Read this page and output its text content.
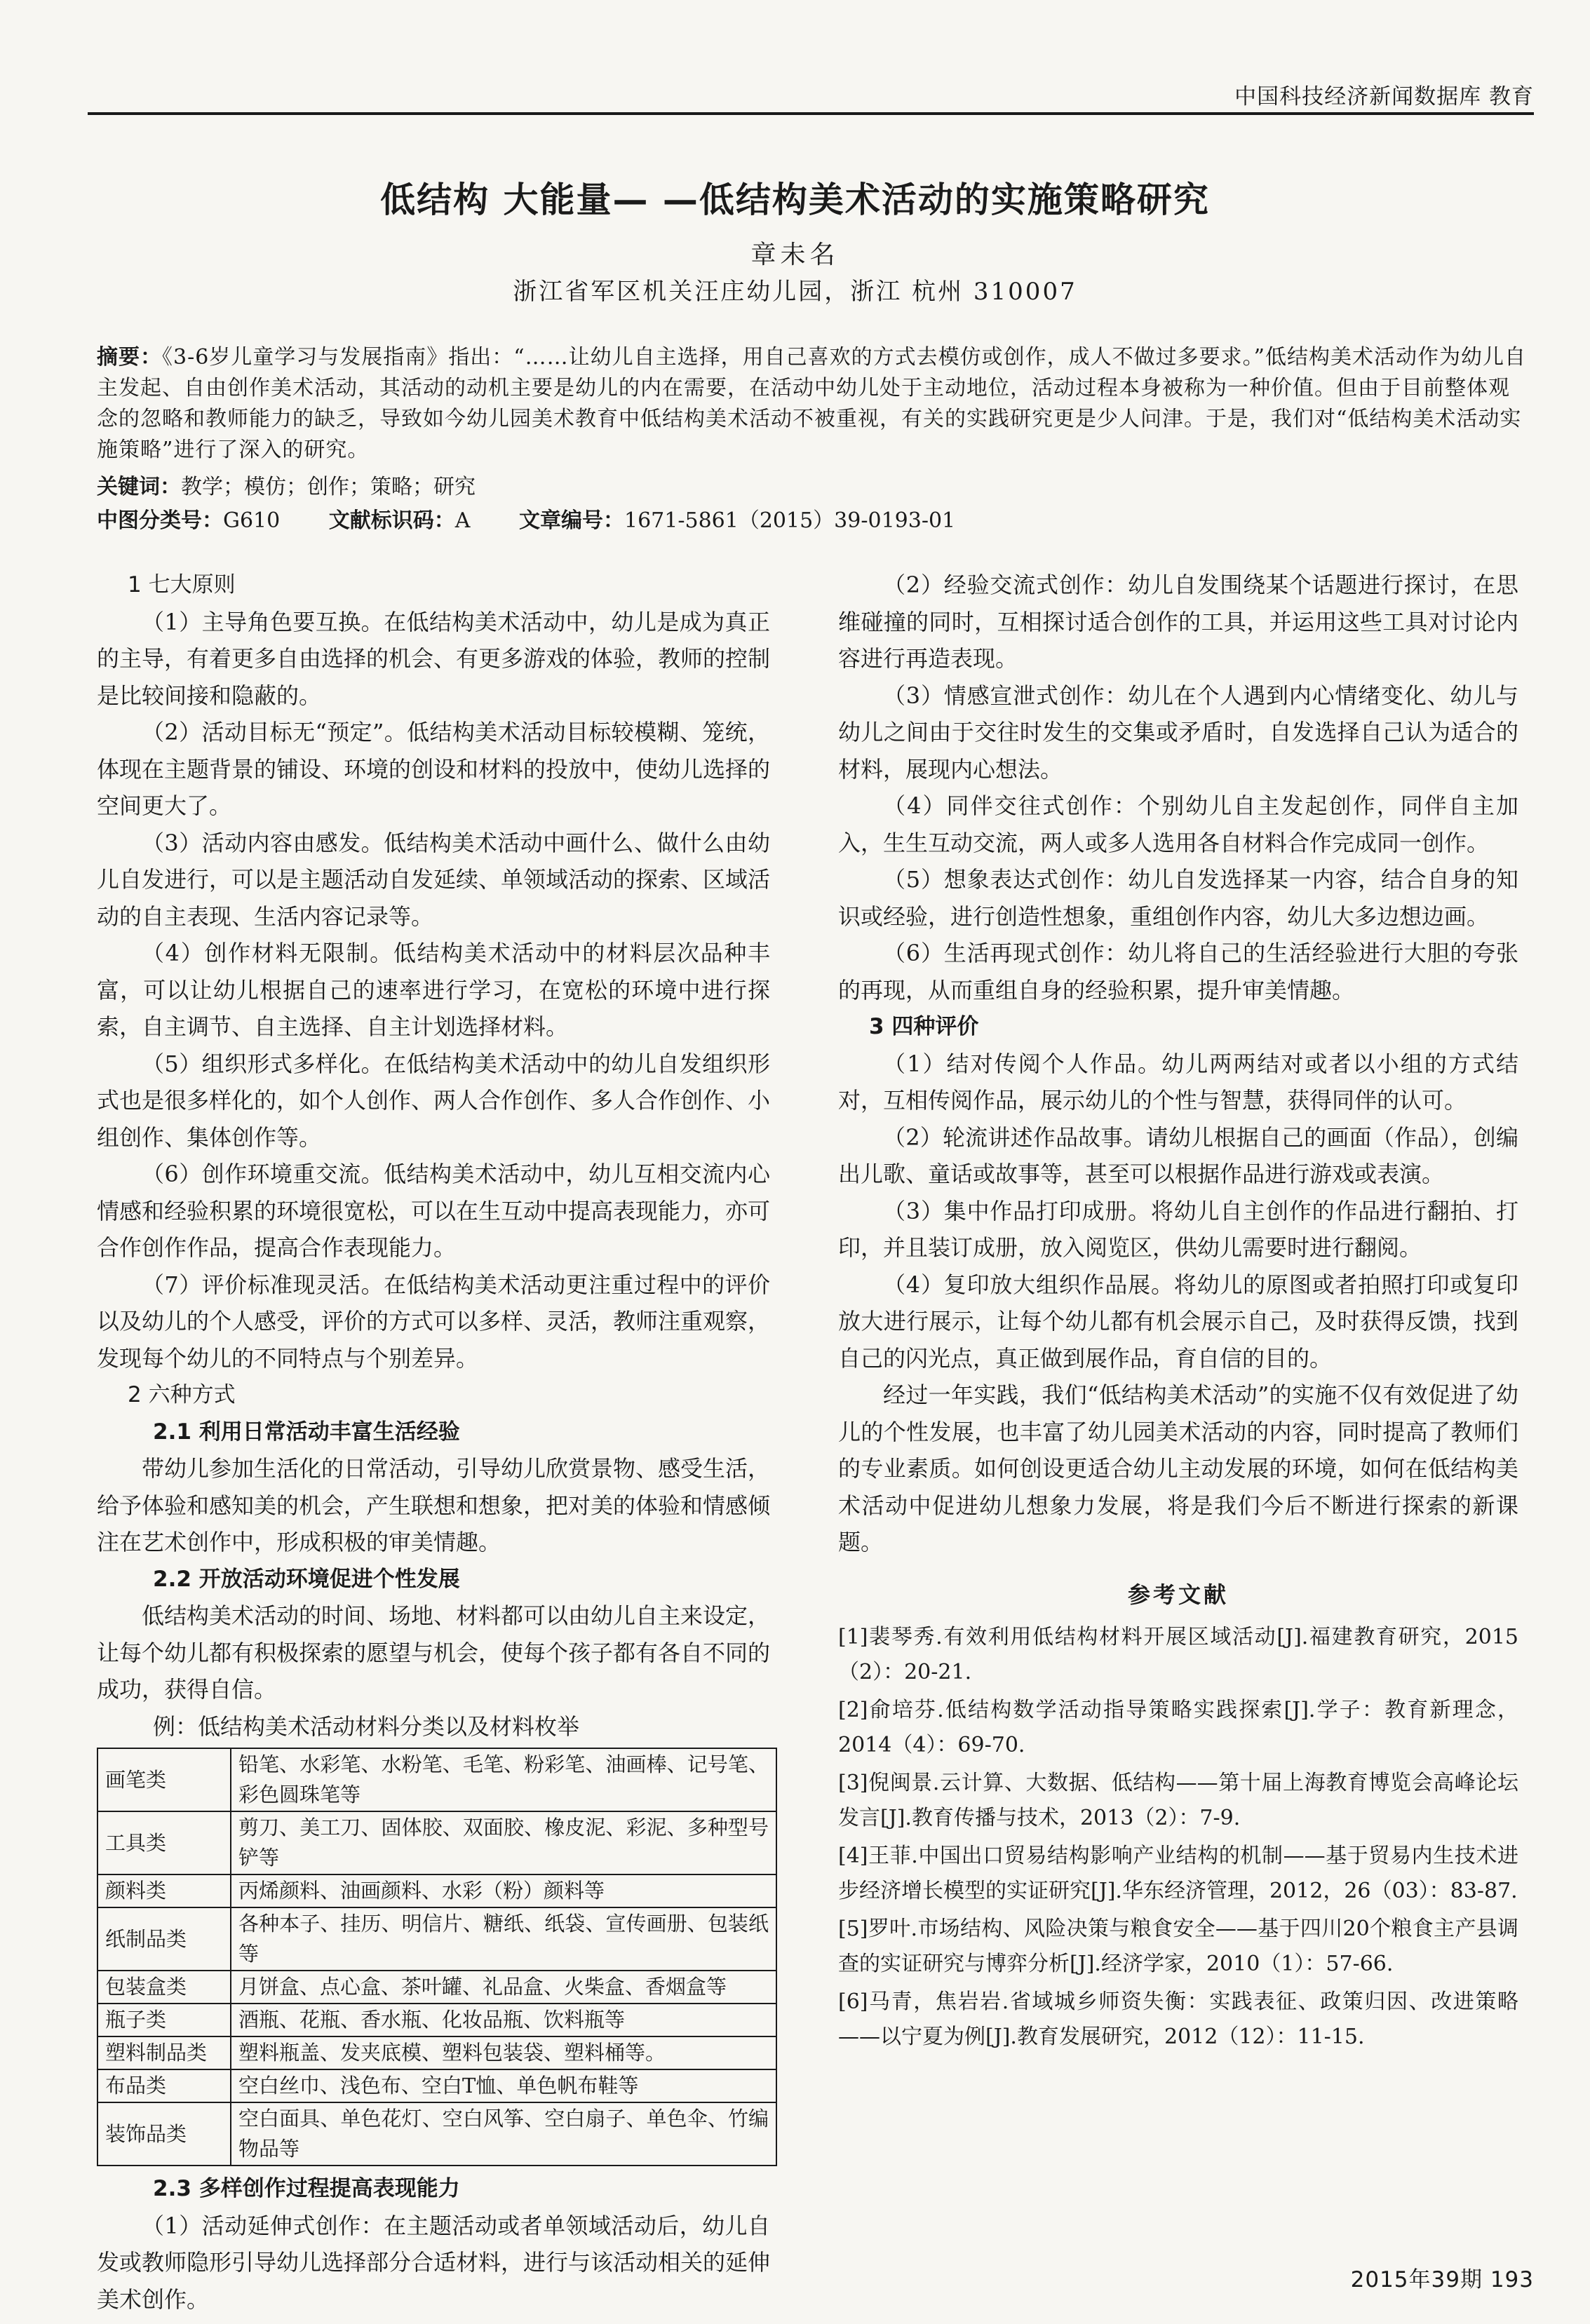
中国科技经济新闻数据库 教育
低结构 大能量— —低结构美术活动的实施策略研究
章未名
浙江省军区机关汪庄幼儿园，浙江 杭州 310007
摘要：《3-6岁儿童学习与发展指南》指出：“……让幼儿自主选择，用自己喜欢的方式去模仿或创作，成人不做过多要求。”低结构美术活动作为幼儿自主发起、自由创作美术活动，其活动的动机主要是幼儿的内在需要，在活动中幼儿处于主动地位，活动过程本身被称为一种价值。但由于目前整体观念的忽略和教师能力的缺乏，导致如今幼儿园美术教育中低结构美术活动不被重视，有关的实践研究更是少人问津。于是，我们对“低结构美术活动实施策略”进行了深入的研究。
关键词：教学；模仿；创作；策略；研究
中图分类号：G610 文献标识码：A 文章编号：1671-5861（2015）39-0193-01
1 七大原则

（1）主导角色要互换。在低结构美术活动中，幼儿是成为真正的主导，有着更多自由选择的机会、有更多游戏的体验，教师的控制是比较间接和隐蔽的。

（2）活动目标无“预定”。低结构美术活动目标较模糊、笼统，体现在主题背景的铺设、环境的创设和材料的投放中，使幼儿选择的空间更大了。

（3）活动内容由感发。低结构美术活动中画什么、做什么由幼儿自发进行，可以是主题活动自发延续、单领域活动的探索、区域活动的自主表现、生活内容记录等。

（4）创作材料无限制。低结构美术活动中的材料层次品种丰富，可以让幼儿根据自己的速率进行学习，在宽松的环境中进行探索，自主调节、自主选择、自主计划选择材料。

（5）组织形式多样化。在低结构美术活动中的幼儿自发组织形式也是很多样化的，如个人创作、两人合作创作、多人合作创作、小组创作、集体创作等。

（6）创作环境重交流。低结构美术活动中，幼儿互相交流内心情感和经验积累的环境很宽松，可以在生互动中提高表现能力，亦可合作创作作品，提高合作表现能力。

（7）评价标准现灵活。在低结构美术活动更注重过程中的评价以及幼儿的个人感受，评价的方式可以多样、灵活，教师注重观察，发现每个幼儿的不同特点与个别差异。

2 六种方式
2.1 利用日常活动丰富生活经验

带幼儿参加生活化的日常活动，引导幼儿欣赏景物、感受生活，给予体验和感知美的机会，产生联想和想象，把对美的体验和情感倾注在艺术创作中，形成积极的审美情趣。

2.2 开放活动环境促进个性发展

低结构美术活动的时间、场地、材料都可以由幼儿自主来设定，让每个幼儿都有积极探索的愿望与机会，使每个孩子都有各自不同的成功，获得自信。

例：低结构美术活动材料分类以及材料枚举
画笔类	铅笔、水彩笔、水粉笔、毛笔、粉彩笔、油画棒、记号笔、彩色圆珠笔等
工具类	剪刀、美工刀、固体胶、双面胶、橡皮泥、彩泥、多种型号铲等
颜料类	丙烯颜料、油画颜料、水彩（粉）颜料等
纸制品类	各种本子、挂历、明信片、糖纸、纸袋、宣传画册、包装纸等
包装盒类	月饼盒、点心盒、茶叶罐、礼品盒、火柴盒、香烟盒等
瓶子类	酒瓶、花瓶、香水瓶、化妆品瓶、饮料瓶等
塑料制品类	塑料瓶盖、发夹底模、塑料包装袋、塑料桶等。
布品类	空白丝巾、浅色布、空白T恤、单色帆布鞋等
装饰品类	空白面具、单色花灯、空白风筝、空白扇子、单色伞、竹编物品等
2.3 多样创作过程提高表现能力

（1）活动延伸式创作：在主题活动或者单领域活动后，幼儿自发或教师隐形引导幼儿选择部分合适材料，进行与该活动相关的延伸美术创作。

（2）经验交流式创作：幼儿自发围绕某个话题进行探讨，在思维碰撞的同时，互相探讨适合创作的工具，并运用这些工具对讨论内容进行再造表现。

（3）情感宣泄式创作：幼儿在个人遇到内心情绪变化、幼儿与幼儿之间由于交往时发生的交集或矛盾时，自发选择自己认为适合的材料，展现内心想法。

（4）同伴交往式创作：个别幼儿自主发起创作，同伴自主加入，生生互动交流，两人或多人选用各自材料合作完成同一创作。

（5）想象表达式创作：幼儿自发选择某一内容，结合自身的知识或经验，进行创造性想象，重组创作内容，幼儿大多边想边画。

（6）生活再现式创作：幼儿将自己的生活经验进行大胆的夸张的再现，从而重组自身的经验积累，提升审美情趣。

3 四种评价

（1）结对传阅个人作品。幼儿两两结对或者以小组的方式结对，互相传阅作品，展示幼儿的个性与智慧，获得同伴的认可。

（2）轮流讲述作品故事。请幼儿根据自己的画面（作品），创编出儿歌、童话或故事等，甚至可以根据作品进行游戏或表演。

（3）集中作品打印成册。将幼儿自主创作的作品进行翻拍、打印，并且装订成册，放入阅览区，供幼儿需要时进行翻阅。

（4）复印放大组织作品展。将幼儿的原图或者拍照打印或复印放大进行展示，让每个幼儿都有机会展示自己，及时获得反馈，找到自己的闪光点，真正做到展作品，育自信的目的。

经过一年实践，我们“低结构美术活动”的实施不仅有效促进了幼儿的个性发展，也丰富了幼儿园美术活动的内容，同时提高了教师们的专业素质。如何创设更适合幼儿主动发展的环境，如何在低结构美术活动中促进幼儿想象力发展，将是我们今后不断进行探索的新课题。

参考文献

[1]裴琴秀.有效利用低结构材料开展区域活动[J].福建教育研究，2015（2）：20-21.

[2]俞培芬.低结构数学活动指导策略实践探索[J].学子：教育新理念，2014（4）：69-70.

[3]倪闽景.云计算、大数据、低结构——第十届上海教育博览会高峰论坛发言[J].教育传播与技术，2013（2）：7-9.

[4]王菲.中国出口贸易结构影响产业结构的机制——基于贸易内生技术进步经济增长模型的实证研究[J].华东经济管理，2012，26（03）：83-87.

[5]罗叶.市场结构、风险决策与粮食安全——基于四川20个粮食主产县调查的实证研究与博弈分析[J].经济学家，2010（1）：57-66.

[6]马青，焦岩岩.省域城乡师资失衡：实践表征、政策归因、改进策略——以宁夏为例[J].教育发展研究，2012（12）：11-15.

2015年39期 193
